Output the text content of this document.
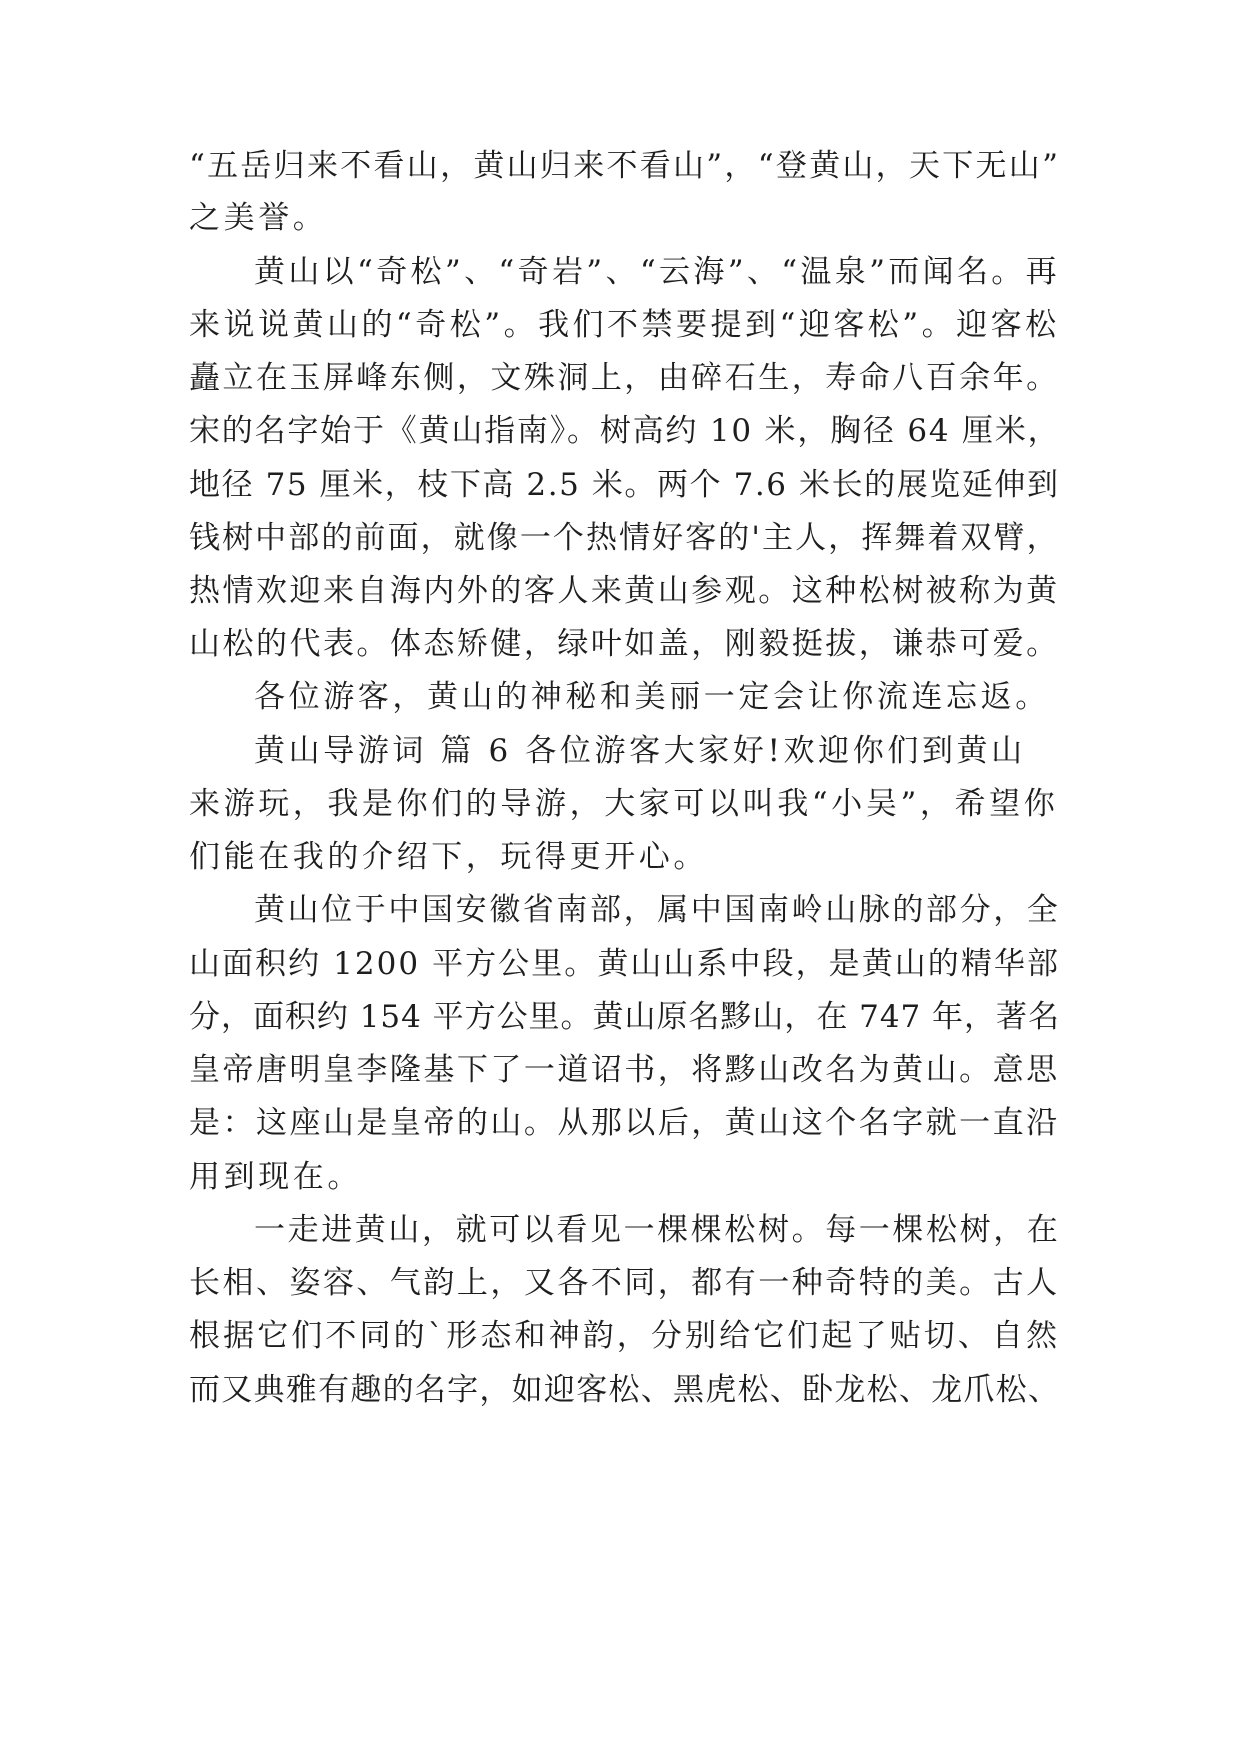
“五岳归来不看山，黄山归来不看山”，“登黄山，天下无山”

之美誉。

黄山以“奇松”、“奇岩”、“云海”、“温泉”而闻名。再

来说说黄山的“奇松”。我们不禁要提到“迎客松”。迎客松

矗立在玉屏峰东侧，文殊洞上，由碎石生，寿命八百余年。

宋的名字始于《黄山指南》。树高约 10 米，胸径 64 厘米，

地径 75 厘米，枝下高 2.5 米。两个 7.6 米长的展览延伸到

钱树中部的前面，就像一个热情好客的'主人，挥舞着双臂，

热情欢迎来自海内外的客人来黄山参观。这种松树被称为黄

山松的代表。体态矫健，绿叶如盖，刚毅挺拔，谦恭可爱。

各位游客，黄山的神秘和美丽一定会让你流连忘返。

黄山导游词 篇 6 各位游客大家好!欢迎你们到黄山

来游玩，我是你们的导游，大家可以叫我“小吴”，希望你

们能在我的介绍下，玩得更开心。

黄山位于中国安徽省南部，属中国南岭山脉的部分，全

山面积约 1200 平方公里。黄山山系中段，是黄山的精华部

分，面积约 154 平方公里。黄山原名黟山，在 747 年，著名

皇帝唐明皇李隆基下了一道诏书，将黟山改名为黄山。意思

是：这座山是皇帝的山。从那以后，黄山这个名字就一直沿

用到现在。

一走进黄山，就可以看见一棵棵松树。每一棵松树，在

长相、姿容、气韵上，又各不同，都有一种奇特的美。古人

根据它们不同的`形态和神韵，分别给它们起了贴切、自然

而又典雅有趣的名字，如迎客松、黑虎松、卧龙松、龙爪松、
